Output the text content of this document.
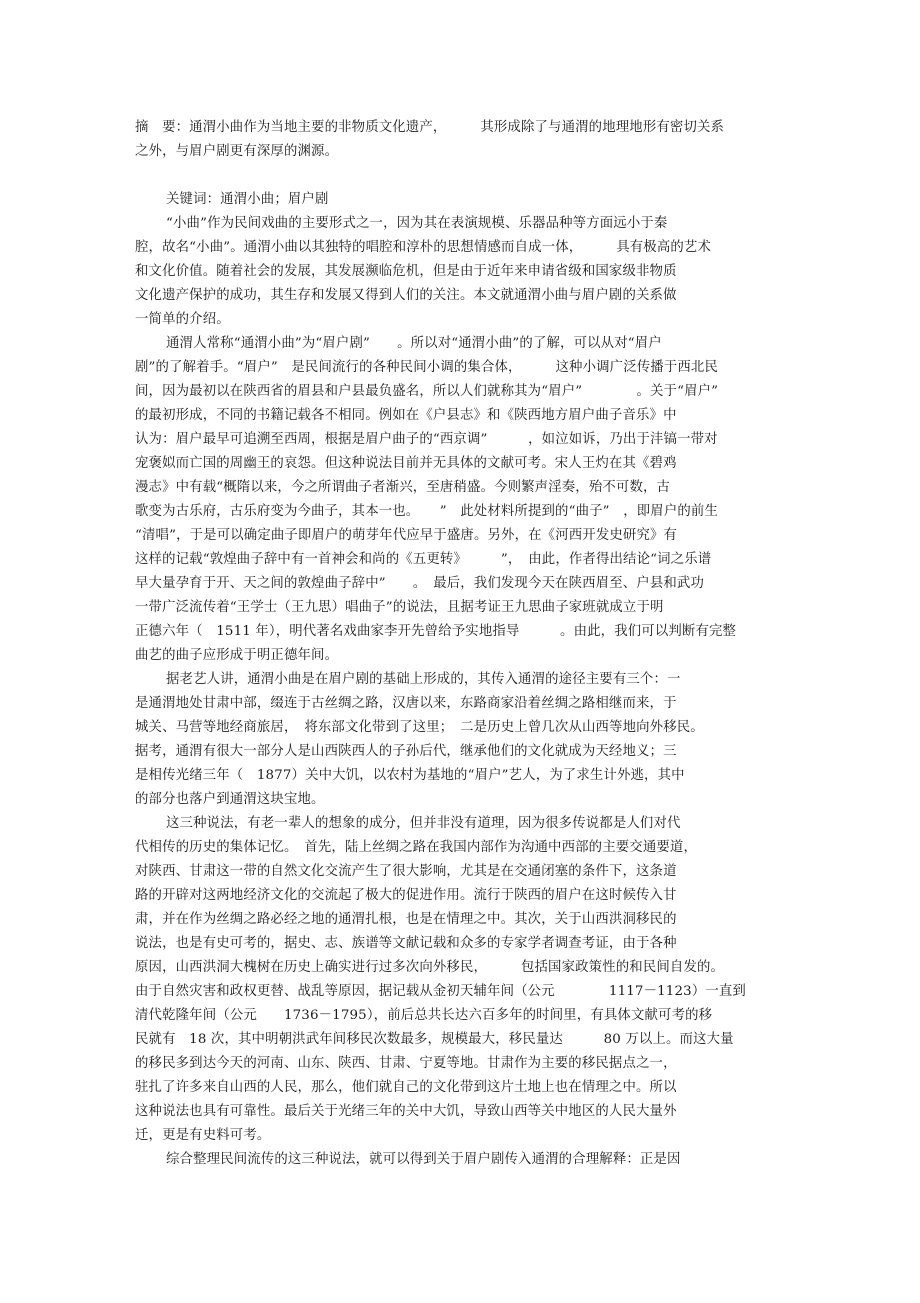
摘　要：通渭小曲作为当地主要的非物质文化遗产，　　　其形成除了与通渭的地理地形有密切关系
之外，与眉户剧更有深厚的渊源。
关键词：通渭小曲；眉户剧
“小曲”作为民间戏曲的主要形式之一，因为其在表演规模、乐器品种等方面远小于秦
腔，故名“小曲”。通渭小曲以其独特的唱腔和淳朴的思想情感而自成一体，　　　具有极高的艺术
和文化价值。随着社会的发展，其发展濒临危机，但是由于近年来申请省级和国家级非物质
文化遗产保护的成功，其生存和发展又得到人们的关注。本文就通渭小曲与眉户剧的关系做
一简单的介绍。
通渭人常称“通渭小曲”为“眉户剧”　　。所以对“通渭小曲”的了解，可以从对“眉户
剧”的了解着手。“眉户”　是民间流行的各种民间小调的集合体，　　　这种小调广泛传播于西北民
间，因为最初以在陕西省的眉县和户县最负盛名，所以人们就称其为“眉户”　　　　。关于“眉户”
的最初形成，不同的书籍记载各不相同。例如在《户县志》和《陕西地方眉户曲子音乐》中
认为：眉户最早可追溯至西周，根据是眉户曲子的“西京调”　　　，如泣如诉，乃出于沣镐一带对
宠褒姒而亡国的周幽王的哀怨。但这种说法目前并无具体的文献可考。宋人王灼在其《碧鸡
漫志》中有载“概隋以来，今之所谓曲子者渐兴，至唐稍盛。今则繁声淫奏，殆不可数，古
歌变为古乐府，古乐府变为今曲子，其本一也。　　”　此处材料所提到的“曲子”　，即眉户的前生
“清唱”，于是可以确定曲子即眉户的萌芽年代应早于盛唐。另外，在《河西开发史研究》有
这样的记载“敦煌曲子辞中有一首神会和尚的《五更转》　　　”，　由此，作者得出结论“词之乐谱
早大量孕育于开、天之间的敦煌曲子辞中”　　。　最后，我们发现今天在陕西眉至、户县和武功
一带广泛流传着“王学士（王九思）唱曲子”的说法，且据考证王九思曲子家班就成立于明
正德六年（　1511 年），明代著名戏曲家李开先曾给予实地指导　　　。由此，我们可以判断有完整
曲艺的曲子应形成于明正德年间。
据老艺人讲，通渭小曲是在眉户剧的基础上形成的，其传入通渭的途径主要有三个：一
是通渭地处甘肃中部，缀连于古丝绸之路，汉唐以来，东路商家沿着丝绸之路相继而来，于
城关、马营等地经商旅居，　将东部文化带到了这里；　二是历史上曾几次从山西等地向外移民。
据考，通渭有很大一部分人是山西陕西人的子孙后代，继承他们的文化就成为天经地义；三
是相传光绪三年（　1877）关中大饥，以农村为基地的“眉户”艺人，为了求生计外逃，其中
的部分也落户到通渭这块宝地。
这三种说法，有老一辈人的想象的成分，但并非没有道理，因为很多传说都是人们对代
代相传的历史的集体记忆。　首先，陆上丝绸之路在我国内部作为沟通中西部的主要交通要道，
对陕西、甘肃这一带的自然文化交流产生了很大影响，尤其是在交通闭塞的条件下，这条道
路的开辟对这两地经济文化的交流起了极大的促进作用。流行于陕西的眉户在这时候传入甘
肃，并在作为丝绸之路必经之地的通渭扎根，也是在情理之中。其次，关于山西洪洞移民的
说法，也是有史可考的，据史、志、族谱等文献记载和众多的专家学者调查考证，由于各种
原因，山西洪洞大槐树在历史上确实进行过多次向外移民，　　　包括国家政策性的和民间自发的。
由于自然灾害和政权更替、战乱等原因，据记载从金初天辅年间（公元　　　　1117－1123）一直到
清代乾隆年间（公元　　1736－1795），前后总共长达六百多年的时间里，有具体文献可考的移
民就有　18 次，其中明朝洪武年间移民次数最多，规模最大，移民量达　　　80 万以上。而这大量
的移民多到达今天的河南、山东、陕西、甘肃、宁夏等地。甘肃作为主要的移民据点之一，
驻扎了许多来自山西的人民，那么，他们就自己的文化带到这片土地上也在情理之中。所以
这种说法也具有可靠性。最后关于光绪三年的关中大饥，导致山西等关中地区的人民大量外
迁，更是有史料可考。
综合整理民间流传的这三种说法，就可以得到关于眉户剧传入通渭的合理解释：正是因
